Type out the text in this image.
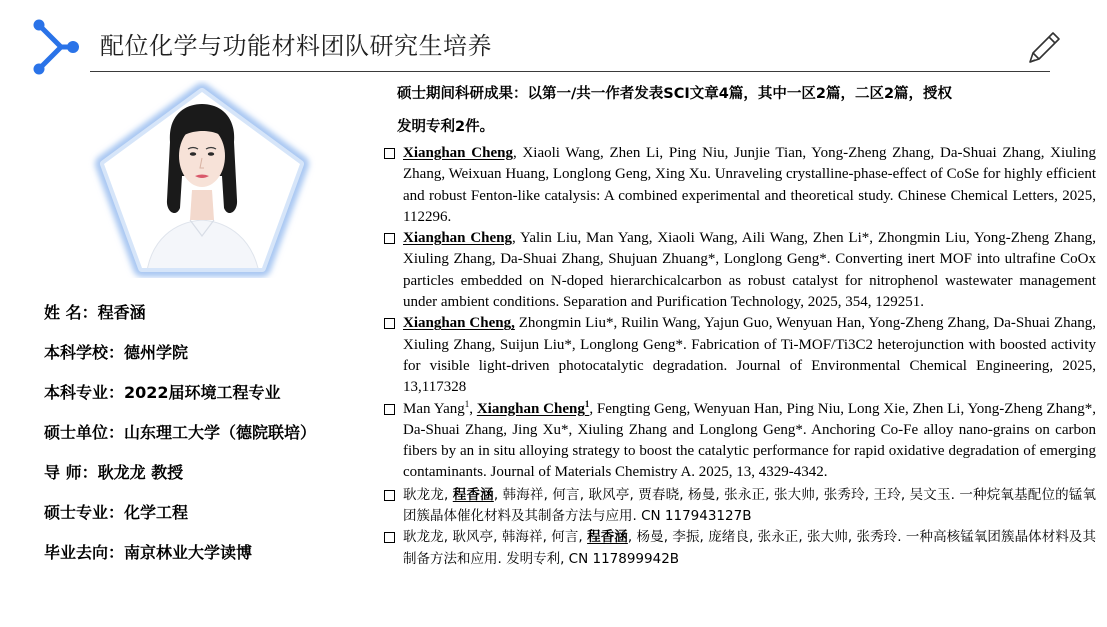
配位化学与功能材料团队研究生培养
姓 名：程香涵
本科学校：德州学院
本科专业：2022届环境工程专业
硕士单位：山东理工大学（德院联培）
导 师：耿龙龙 教授
硕士专业：化学工程
毕业去向：南京林业大学读博

硕士期间科研成果：以第一/共一作者发表SCI文章4篇，其中一区2篇，二区2篇，授权
发明专利2件。

Xianghan Cheng, Xiaoli Wang, Zhen Li, Ping Niu, Junjie Tian, Yong-Zheng Zhang, Da-Shuai Zhang, Xiuling Zhang, Weixuan Huang, Longlong Geng, Xing Xu. Unraveling crystalline-phase-effect of CoSe for highly efficient and robust Fenton-like catalysis: A combined experimental and theoretical study. Chinese Chemical Letters, 2025, 112296.
Xianghan Cheng, Yalin Liu, Man Yang, Xiaoli Wang, Aili Wang, Zhen Li*, Zhongmin Liu, Yong-Zheng Zhang, Xiuling Zhang, Da-Shuai Zhang, Shujuan Zhuang*, Longlong Geng*. Converting inert MOF into ultrafine CoOx particles embedded on N-doped hierarchicalcarbon as robust catalyst for nitrophenol wastewater management under ambient conditions. Separation and Purification Technology, 2025, 354, 129251.
Xianghan Cheng, Zhongmin Liu*, Ruilin Wang, Yajun Guo, Wenyuan Han, Yong-Zheng Zhang, Da-Shuai Zhang, Xiuling Zhang, Suijun Liu*, Longlong Geng*. Fabrication of Ti-MOF/Ti3C2 heterojunction with boosted activity for visible light-driven photocatalytic degradation. Journal of Environmental Chemical Engineering, 2025, 13,117328
Man Yang$^1$, Xianghan Cheng$^1$, Fengting Geng, Wenyuan Han, Ping Niu, Long Xie, Zhen Li, Yong-Zheng Zhang*, Da-Shuai Zhang, Jing Xu*, Xiuling Zhang and Longlong Geng*. Anchoring Co-Fe alloy nano-grains on carbon fibers by an in situ alloying strategy to boost the catalytic performance for rapid oxidative degradation of emerging contaminants. Journal of Materials Chemistry A. 2025, 13, 4329-4342.
耿龙龙, 程香涵, 韩海祥, 何言, 耿风亭, 贾春晓, 杨曼, 张永正, 张大帅, 张秀玲, 王玲, 吴文玉. 一种烷氧基配位的锰氧团簇晶体催化材料及其制备方法与应用. CN 117943127B
耿龙龙, 耿风亭, 韩海祥, 何言, 程香涵, 杨曼, 李振, 庞绪良, 张永正, 张大帅, 张秀玲. 一种高核锰氧团簇晶体材料及其制备方法和应用. 发明专利, CN 117899942B
